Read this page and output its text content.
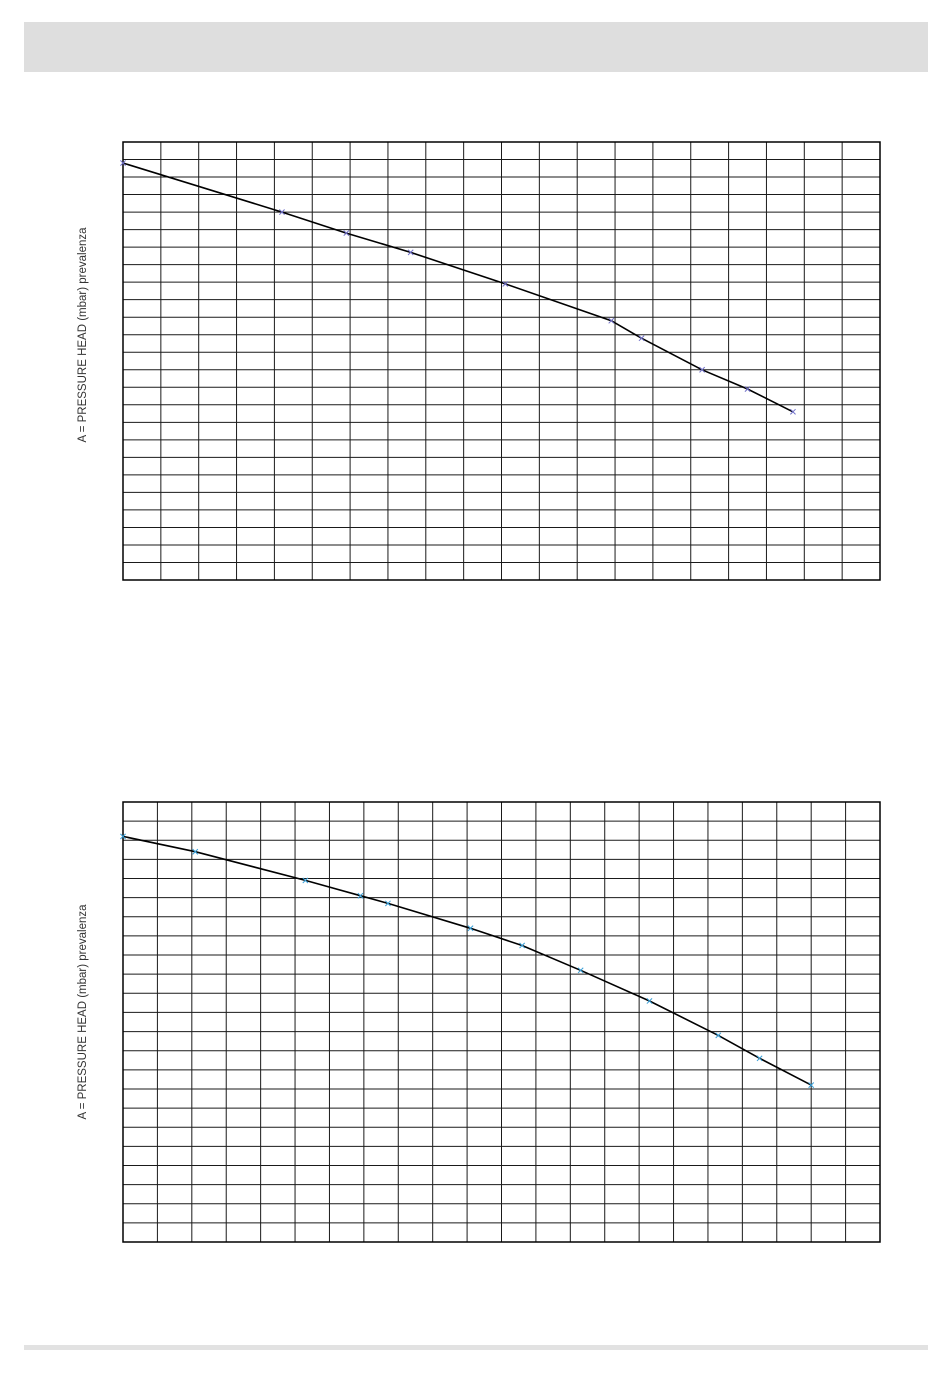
A = PRESSURE HEAD (mbar) prevalenza
A = PRESSURE HEAD (mbar) prevalenza
